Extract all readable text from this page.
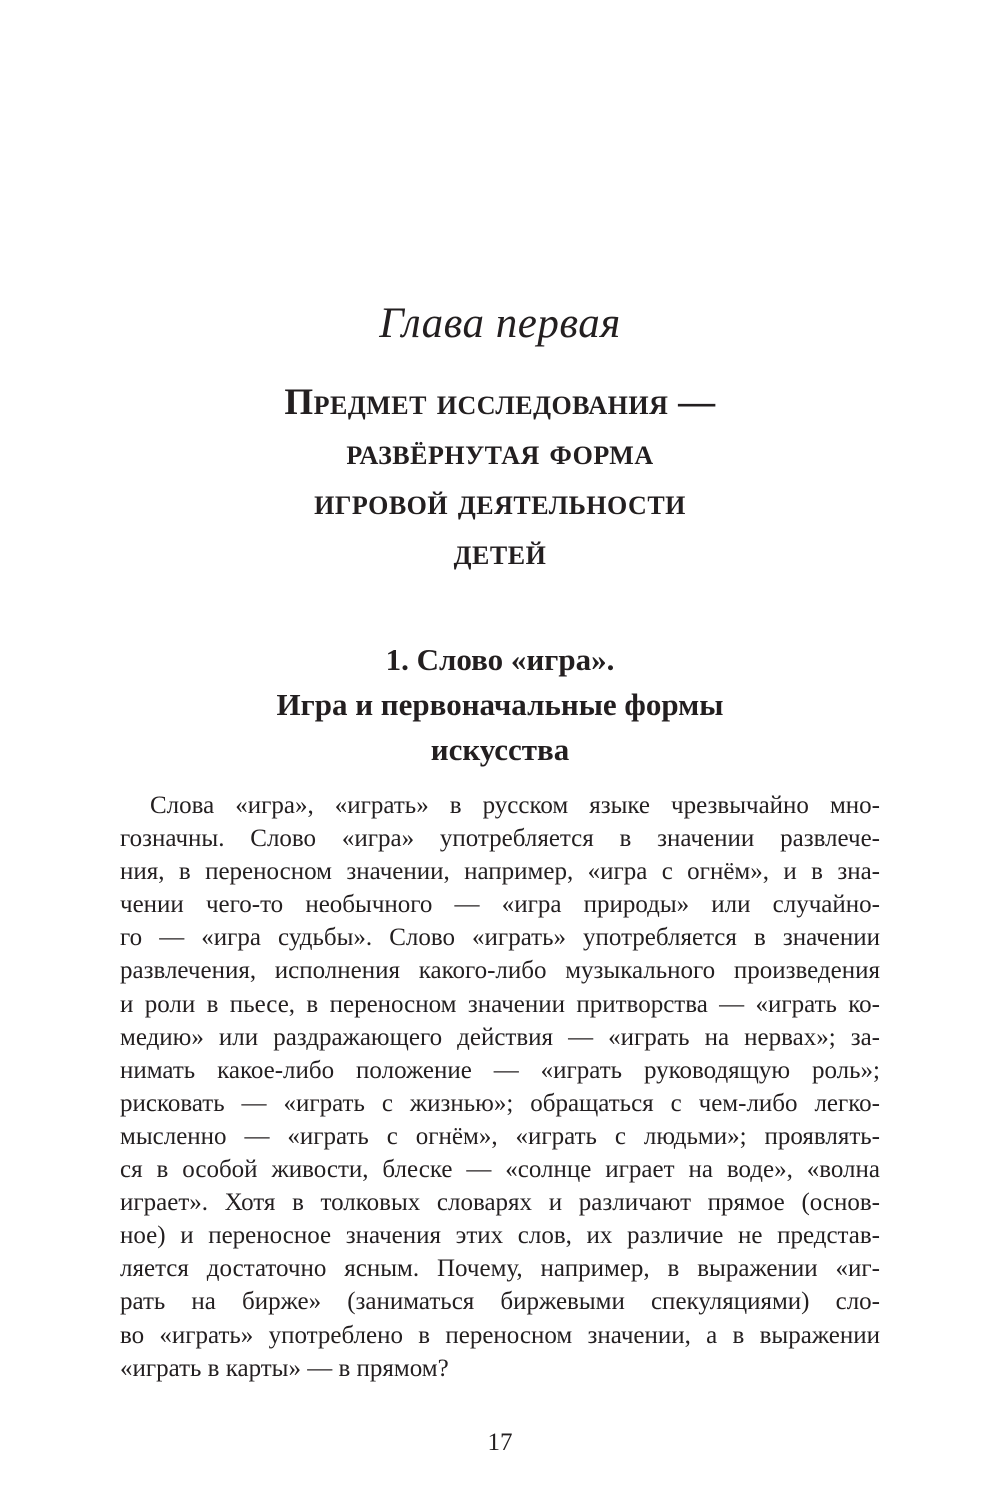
Глава первая
Предмет исследования —
развёрнутая форма
игровой деятельности
детей
1. Слово «игра».
Игра и первоначальные формы
искусства
Слова «игра», «играть» в русском языке чрезвычайно мно-
гозначны. Слово «игра» употребляется в значении развлече-
ния, в переносном значении, например, «игра с огнём», и в зна-
чении чего-то необычного — «игра природы» или случайно-
го — «игра судьбы». Слово «играть» употребляется в значении
развлечения, исполнения какого-либо музыкального произведения
и роли в пьесе, в переносном значении притворства — «играть ко-
медию» или раздражающего действия — «играть на нервах»; за-
нимать какое-либо положение — «играть руководящую роль»;
рисковать — «играть с жизнью»; обращаться с чем-либо легко-
мысленно — «играть с огнём», «играть с людьми»; проявлять-
ся в особой живости, блеске — «солнце играет на воде», «волна
играет». Хотя в толковых словарях и различают прямое (основ-
ное) и переносное значения этих слов, их различие не представ-
ляется достаточно ясным. Почему, например, в выражении «иг-
рать на бирже» (заниматься биржевыми спекуляциями) сло-
во «играть» употреблено в переносном значении, а в выражении
«играть в карты» — в прямом?
17
